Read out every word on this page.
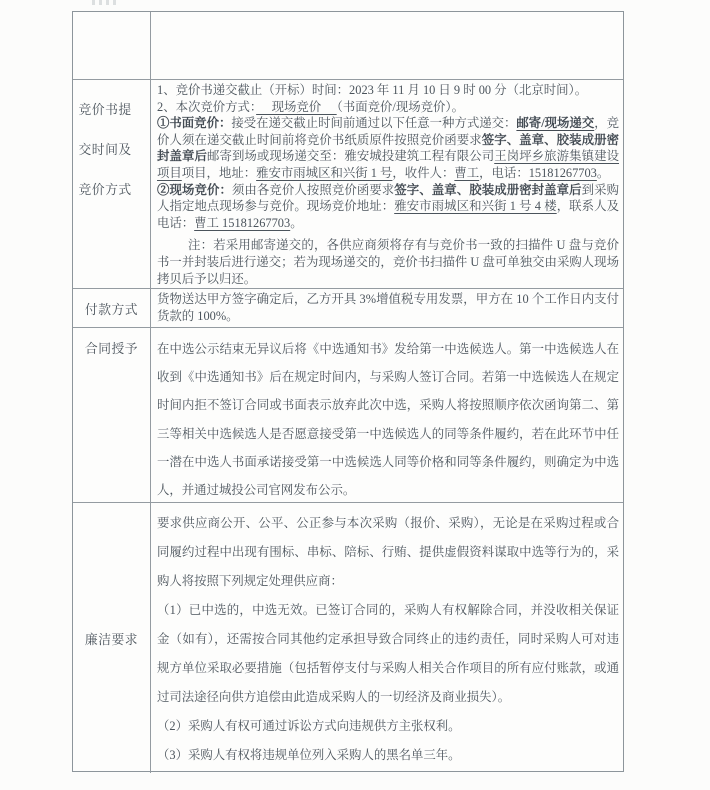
竞价书提交时间及竞价方式

1、竞价书递交截止（开标）时间：2023 年 11 月 10 日 9 时 00 分（北京时间）。

2、本次竞价方式：　 现场竞价 　（书面竞价/现场竞价）。

①书面竞价：接受在递交截止时间前通过以下任意一种方式递交：邮寄/现场递交，竞价人须在递交截止时间前将竞价书纸质原件按照竞价函要求签字、盖章、胶装成册密封盖章后邮寄到场或现场递交至：雅安城投建筑工程有限公司王岗坪乡旅游集镇建设项目项目，地址：雅安市雨城区和兴街 1 号，收件人：曹工，电话：15181267703。

②现场竞价：须由各竞价人按照竞价函要求签字、盖章、胶装成册密封盖章后到采购人指定地点现场参与竞价。现场竞价地址：雅安市雨城区和兴街 1 号 4 楼，联系人及电话：曹工 15181267703。

注：若采用邮寄递交的，各供应商须将存有与竞价书一致的扫描件 U 盘与竞价书一并封装后进行递交；若为现场递交的，竞价书扫描件 U 盘可单独交由采购人现场拷贝后予以归还。

付款方式

货物送达甲方签字确定后，乙方开具 3%增值税专用发票，甲方在 10 个工作日内支付货款的 100%。

合同授予 在中选公示结束无异议后将《中选通知书》发给第一中选候选人。第一中选候选人在收到《中选通知书》后在规定时间内，与采购人签订合同。若第一中选候选人在规定时间内拒不签订合同或书面表示放弃此次中选，采购人将按照顺序依次函询第二、第三等相关中选候选人是否愿意接受第一中选候选人的同等条件履约，若在此环节中任一潜在中选人书面承诺接受第一中选候选人同等价格和同等条件履约，则确定为中选人，并通过城投公司官网发布公示。

廉洁要求

要求供应商公开、公平、公正参与本次采购（报价、采购），无论是在采购过程或合同履约过程中出现有围标、串标、陪标、行贿、提供虚假资料谋取中选等行为的，采购人将按照下列规定处理供应商：

（1）已中选的，中选无效。已签订合同的，采购人有权解除合同，并没收相关保证金（如有），还需按合同其他约定承担导致合同终止的违约责任，同时采购人可对违规方单位采取必要措施（包括暂停支付与采购人相关合作项目的所有应付账款，或通过司法途径向供方追偿由此造成采购人的一切经济及商业损失）。

（2）采购人有权可通过诉讼方式向违规供方主张权利。

（3）采购人有权将违规单位列入采购人的黑名单三年。
